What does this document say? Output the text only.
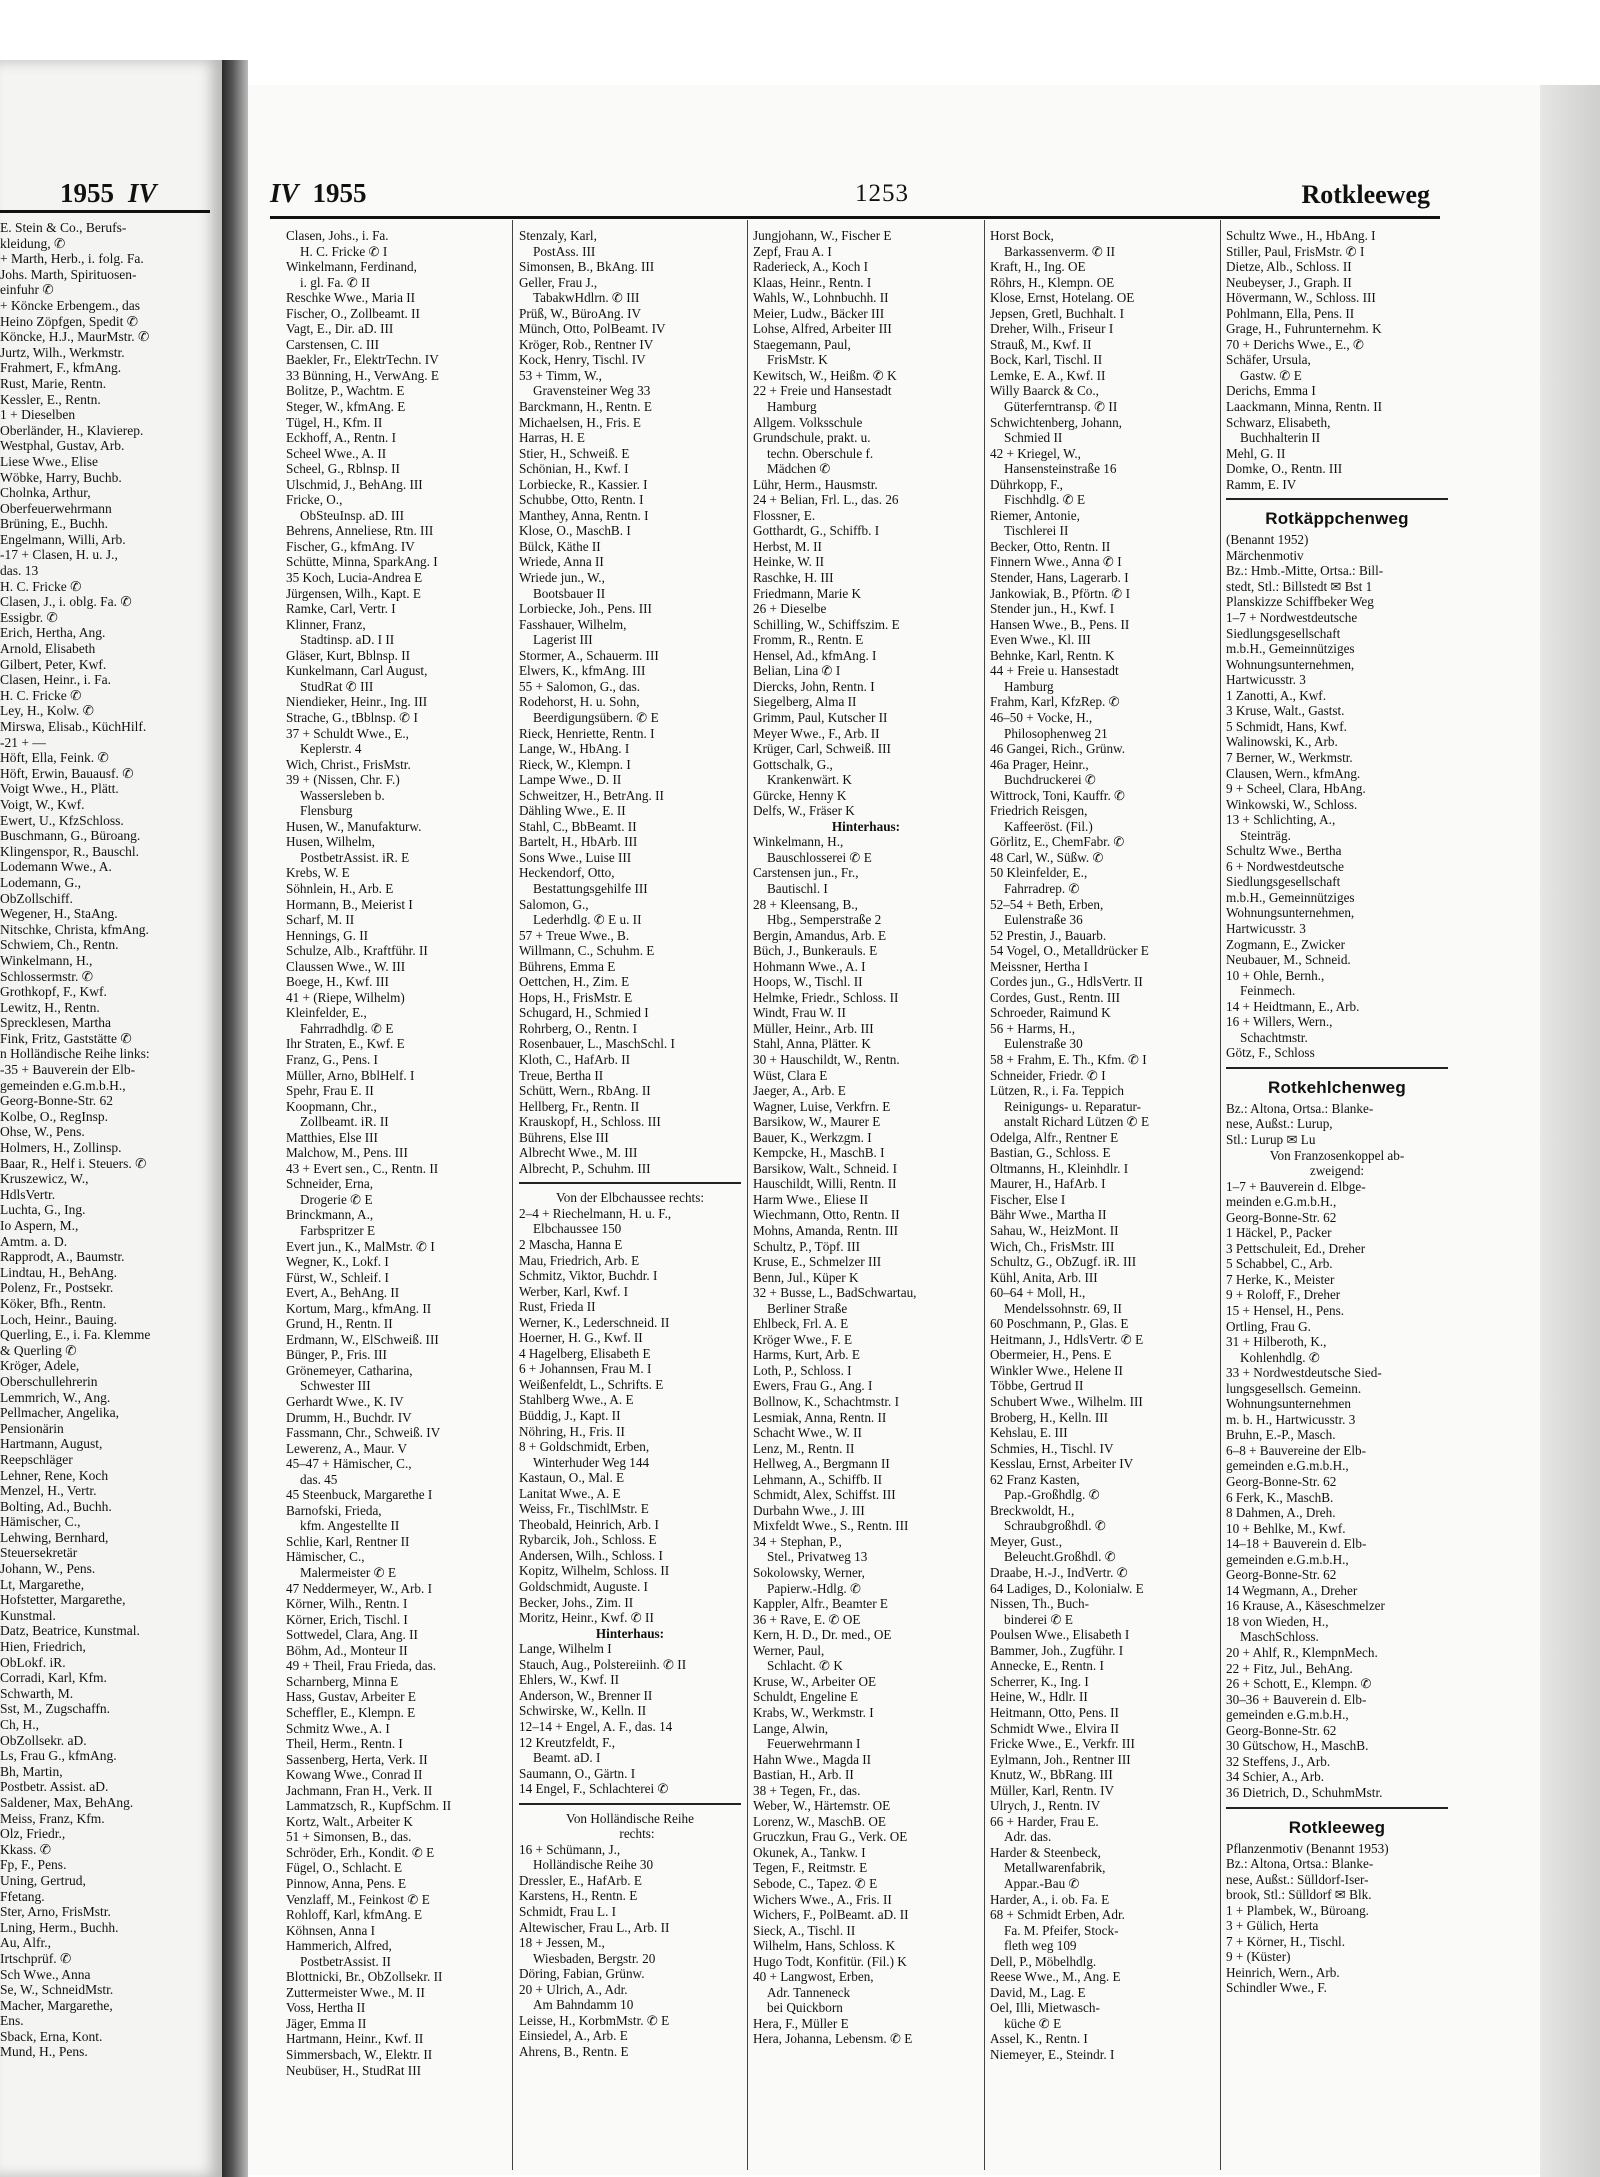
1955 IV
E. Stein & Co., Berufs-
kleidung, ✆
+ Marth, Herb., i. folg. Fa.
Johs. Marth, Spirituosen-
einfuhr ✆
+ Köncke Erbengem., das
Heino Zöpfgen, Spedit ✆
Köncke, H.J., MaurMstr. ✆
Jurtz, Wilh., Werkmstr.
Frahmert, F., kfmAng.
Rust, Marie, Rentn.
Kessler, E., Rentn.
1 + Dieselben
Oberländer, H., Klavierep.
Westphal, Gustav, Arb.
Liese Wwe., Elise
Wöbke, Harry, Buchb.
Cholnka, Arthur,
Oberfeuerwehrmann
Brüning, E., Buchh.
Engelmann, Willi, Arb.
-17 + Clasen, H. u. J.,
das. 13
H. C. Fricke ✆
Clasen, J., i. oblg. Fa. ✆
Essigbr. ✆
Erich, Hertha, Ang.
Arnold, Elisabeth
Gilbert, Peter, Kwf.
Clasen, Heinr., i. Fa.
H. C. Fricke ✆
Ley, H., Kolw. ✆
Mirswa, Elisab., KüchHilf.
-21 + —
Höft, Ella, Feink. ✆
Höft, Erwin, Bauausf. ✆
Voigt Wwe., H., Plätt.
Voigt, W., Kwf.
Ewert, U., KfzSchloss.
Buschmann, G., Büroang.
Klingenspor, R., Bauschl.
Lodemann Wwe., A.
Lodemann, G.,
ObZollschiff.
Wegener, H., StaAng.
Nitschke, Christa, kfmAng.
Schwiem, Ch., Rentn.
Winkelmann, H.,
Schlossermstr. ✆
Grothkopf, F., Kwf.
Lewitz, H., Rentn.
Sprecklesen, Martha
Fink, Fritz, Gaststätte ✆
n Holländische Reihe links:
-35 + Bauverein der Elb-
gemeinden e.G.m.b.H.,
Georg-Bonne-Str. 62
Kolbe, O., RegInsp.
Ohse, W., Pens.
Holmers, H., Zollinsp.
Baar, R., Helf i. Steuers. ✆
Kruszewicz, W.,
HdlsVertr.
Luchta, G., Ing.
Io Aspern, M.,
Amtm. a. D.
Rapprodt, A., Baumstr.
Lindtau, H., BehAng.
Polenz, Fr., Postsekr.
Köker, Bfh., Rentn.
Loch, Heinr., Bauing.
Querling, E., i. Fa. Klemme
& Querling ✆
Kröger, Adele,
Oberschullehrerin
Lemmrich, W., Ang.
Pellmacher, Angelika,
Pensionärin
Hartmann, August,
Reepschläger
Lehner, Rene, Koch
Menzel, H., Vertr.
Bolting, Ad., Buchh.
Hämischer, C.,
Lehwing, Bernhard,
Steuersekretär
Johann, W., Pens.
Lt, Margarethe,
Hofstetter, Margarethe,
Kunstmal.
Datz, Beatrice, Kunstmal.
Hien, Friedrich,
ObLokf. iR.
Corradi, Karl, Kfm.
Schwarth, M.
Sst, M., Zugschaffn.
Ch, H.,
ObZollsekr. aD.
Ls, Frau G., kfmAng.
Bh, Martin,
Postbetr. Assist. aD.
Saldener, Max, BehAng.
Meiss, Franz, Kfm.
Olz, Friedr.,
Kkass. ✆
Fp, F., Pens.
Uning, Gertrud,
Ffetang.
Ster, Arno, FrisMstr.
Lning, Herm., Buchh.
Au, Alfr.,
Irtschprüf. ✆
Sch Wwe., Anna
Se, W., SchneidMstr.
Macher, Margarethe,
Ens.
Sback, Erna, Kont.
Mund, H., Pens.
IV 1955	1253	Rotkleeweg
Clasen, Johs., i. Fa.
H. C. Fricke ✆ I
Winkelmann, Ferdinand,
i. gl. Fa. ✆ II
Reschke Wwe., Maria II
Fischer, O., Zollbeamt. II
Vagt, E., Dir. aD. III
Carstensen, C. III
Baekler, Fr., ElektrTechn. IV
33 Bünning, H., VerwAng. E
Bolitze, P., Wachtm. E
Steger, W., kfmAng. E
Tügel, H., Kfm. II
Eckhoff, A., Rentn. I
Scheel Wwe., A. II
Scheel, G., Rblnsp. II
Ulschmid, J., BehAng. III
Fricke, O.,
ObSteuInsp. aD. III
Behrens, Anneliese, Rtn. III
Fischer, G., kfmAng. IV
Schütte, Minna, SparkAng. I
35 Koch, Lucia-Andrea E
Jürgensen, Wilh., Kapt. E
Ramke, Carl, Vertr. I
Klinner, Franz,
Stadtinsp. aD. I II
Gläser, Kurt, Bblnsp. II
Kunkelmann, Carl August,
StudRat ✆ III
Niendieker, Heinr., Ing. III
Strache, G., tBblnsp. ✆ I
37 + Schuldt Wwe., E.,
Keplerstr. 4
Wich, Christ., FrisMstr.
39 + (Nissen, Chr. F.)
Wassersleben b.
Flensburg
Husen, W., Manufakturw.
Husen, Wilhelm,
PostbetrAssist. iR. E
Krebs, W. E
Söhnlein, H., Arb. E
Hormann, B., Meierist I
Scharf, M. II
Hennings, G. II
Schulze, Alb., Kraftführ. II
Claussen Wwe., W. III
Boege, H., Kwf. III
41 + (Riepe, Wilhelm)
Kleinfelder, E.,
Fahrradhdlg. ✆ E
Ihr Straten, E., Kwf. E
Franz, G., Pens. I
Müller, Arno, BblHelf. I
Spehr, Frau E. II
Koopmann, Chr.,
Zollbeamt. iR. II
Matthies, Else III
Malchow, M., Pens. III
43 + Evert sen., C., Rentn. II
Schneider, Erna,
Drogerie ✆ E
Brinckmann, A.,
Farbspritzer E
Evert jun., K., MalMstr. ✆ I
Wegner, K., Lokf. I
Fürst, W., Schleif. I
Evert, A., BehAng. II
Kortum, Marg., kfmAng. II
Grund, H., Rentn. II
Erdmann, W., ElSchweiß. III
Bünger, P., Fris. III
Grönemeyer, Catharina,
Schwester III
Gerhardt Wwe., K. IV
Drumm, H., Buchdr. IV
Fassmann, Chr., Schweiß. IV
Lewerenz, A., Maur. V
45–47 + Hämischer, C.,
das. 45
45 Steenbuck, Margarethe I
Barnofski, Frieda,
kfm. Angestellte II
Schlie, Karl, Rentner II
Hämischer, C.,
Malermeister ✆ E
47 Neddermeyer, W., Arb. I
Körner, Wilh., Rentn. I
Körner, Erich, Tischl. I
Sottwedel, Clara, Ang. II
Böhm, Ad., Monteur II
49 + Theil, Frau Frieda, das.
Scharnberg, Minna E
Hass, Gustav, Arbeiter E
Scheffler, E., Klempn. E
Schmitz Wwe., A. I
Theil, Herm., Rentn. I
Sassenberg, Herta, Verk. II
Kowang Wwe., Conrad II
Jachmann, Fran H., Verk. II
Lammatzsch, R., KupfSchm. II
Kortz, Walt., Arbeiter K
51 + Simonsen, B., das.
Schröder, Erh., Kondit. ✆ E
Fügel, O., Schlacht. E
Pinnow, Anna, Pens. E
Venzlaff, M., Feinkost ✆ E
Rohloff, Karl, kfmAng. E
Köhnsen, Anna I
Hammerich, Alfred,
PostbetrAssist. II
Blottnicki, Br., ObZollsekr. II
Zuttermeister Wwe., M. II
Voss, Hertha II
Jäger, Emma II
Hartmann, Heinr., Kwf. II
Simmersbach, W., Elektr. II
Neubüser, H., StudRat III
Stenzaly, Karl,
PostAss. III
Simonsen, B., BkAng. III
Geller, Frau J.,
TabakwHdlrn. ✆ III
Prüß, W., BüroAng. IV
Münch, Otto, PolBeamt. IV
Kröger, Rob., Rentner IV
Kock, Henry, Tischl. IV
53 + Timm, W.,
Gravensteiner Weg 33
Barckmann, H., Rentn. E
Michaelsen, H., Fris. E
Harras, H. E
Stier, H., Schweiß. E
Schönian, H., Kwf. I
Lorbiecke, R., Kassier. I
Schubbe, Otto, Rentn. I
Manthey, Anna, Rentn. I
Klose, O., MaschB. I
Bülck, Käthe II
Wriede, Anna II
Wriede jun., W.,
Bootsbauer II
Lorbiecke, Joh., Pens. III
Fasshauer, Wilhelm,
Lagerist III
Stormer, A., Schauerm. III
Elwers, K., kfmAng. III
55 + Salomon, G., das.
Rodehorst, H. u. Sohn,
Beerdigungsübern. ✆ E
Rieck, Henriette, Rentn. I
Lange, W., HbAng. I
Rieck, W., Klempn. I
Lampe Wwe., D. II
Schweitzer, H., BetrAng. II
Dähling Wwe., E. II
Stahl, C., BbBeamt. II
Bartelt, H., HbArb. III
Sons Wwe., Luise III
Heckendorf, Otto,
Bestattungsgehilfe III
Salomon, G.,
Lederhdlg. ✆ E u. II
57 + Treue Wwe., B.
Willmann, C., Schuhm. E
Bührens, Emma E
Oettchen, H., Zim. E
Hops, H., FrisMstr. E
Schugard, H., Schmied I
Rohrberg, O., Rentn. I
Rosenbauer, L., MaschSchl. I
Kloth, C., HafArb. II
Treue, Bertha II
Schütt, Wern., RbAng. II
Hellberg, Fr., Rentn. II
Krauskopf, H., Schloss. III
Bührens, Else III
Albrecht Wwe., M. III
Albrecht, P., Schuhm. III
Von der Elbchaussee rechts:
2–4 + Riechelmann, H. u. F.,
Elbchaussee 150
2 Mascha, Hanna E
Mau, Friedrich, Arb. E
Schmitz, Viktor, Buchdr. I
Werber, Karl, Kwf. I
Rust, Frieda II
Werner, K., Lederschneid. II
Hoerner, H. G., Kwf. II
4 Hagelberg, Elisabeth E
6 + Johannsen, Frau M. I
Weißenfeldt, L., Schrifts. E
Stahlberg Wwe., A. E
Büddig, J., Kapt. II
Nöhring, H., Fris. II
8 + Goldschmidt, Erben,
Winterhuder Weg 144
Kastaun, O., Mal. E
Lanitat Wwe., A. E
Weiss, Fr., TischlMstr. E
Theobald, Heinrich, Arb. I
Rybarcik, Joh., Schloss. E
Andersen, Wilh., Schloss. I
Kopitz, Wilhelm, Schloss. II
Goldschmidt, Auguste. I
Becker, Johs., Zim. II
Moritz, Heinr., Kwf. ✆ II
Hinterhaus:
Lange, Wilhelm I
Stauch, Aug., Polstereiinh. ✆ II
Ehlers, W., Kwf. II
Anderson, W., Brenner II
Schwirske, W., Kelln. II
12–14 + Engel, A. F., das. 14
12 Kreutzfeldt, F.,
Beamt. aD. I
Saumann, O., Gärtn. I
14 Engel, F., Schlachterei ✆
Von Holländische Reihe
rechts:
16 + Schümann, J.,
Holländische Reihe 30
Dressler, E., HafArb. E
Karstens, H., Rentn. E
Schmidt, Frau L. I
Altewischer, Frau L., Arb. II
18 + Jessen, M.,
Wiesbaden, Bergstr. 20
Döring, Fabian, Grünw.
20 + Ulrich, A., Adr.
Am Bahndamm 10
Leisse, H., KorbmMstr. ✆ E
Einsiedel, A., Arb. E
Ahrens, B., Rentn. E
Jungjohann, W., Fischer E
Zepf, Frau A. I
Raderieck, A., Koch I
Klaas, Heinr., Rentn. I
Wahls, W., Lohnbuchh. II
Meier, Ludw., Bäcker III
Lohse, Alfred, Arbeiter III
Staegemann, Paul,
FrisMstr. K
Kewitsch, W., Heißm. ✆ K
22 + Freie und Hansestadt
Hamburg
Allgem. Volksschule
Grundschule, prakt. u.
techn. Oberschule f.
Mädchen ✆
Lühr, Herm., Hausmstr.
24 + Belian, Frl. L., das. 26
Flossner, E.
Gotthardt, G., Schiffb. I
Herbst, M. II
Heinke, W. II
Raschke, H. III
Friedmann, Marie K
26 + Dieselbe
Schilling, W., Schiffszim. E
Fromm, R., Rentn. E
Hensel, Ad., kfmAng. I
Belian, Lina ✆ I
Diercks, John, Rentn. I
Siegelberg, Alma II
Grimm, Paul, Kutscher II
Meyer Wwe., F., Arb. II
Krüger, Carl, Schweiß. III
Gottschalk, G.,
Krankenwärt. K
Gürcke, Henny K
Delfs, W., Fräser K
Hinterhaus:
Winkelmann, H.,
Bauschlosserei ✆ E
Carstensen jun., Fr.,
Bautischl. I
28 + Kleensang, B.,
Hbg., Semperstraße 2
Bergin, Amandus, Arb. E
Büch, J., Bunkerauls. E
Hohmann Wwe., A. I
Hoops, W., Tischl. II
Helmke, Friedr., Schloss. II
Windt, Frau W. II
Müller, Heinr., Arb. III
Stahl, Anna, Plätter. K
30 + Hauschildt, W., Rentn.
Wüst, Clara E
Jaeger, A., Arb. E
Wagner, Luise, Verkfrn. E
Barsikow, W., Maurer E
Bauer, K., Werkzgm. I
Kempcke, H., MaschB. I
Barsikow, Walt., Schneid. I
Hauschildt, Willi, Rentn. II
Harm Wwe., Eliese II
Wiechmann, Otto, Rentn. II
Mohns, Amanda, Rentn. III
Schultz, P., Töpf. III
Kruse, E., Schmelzer III
Benn, Jul., Küper K
32 + Busse, L., BadSchwartau,
Berliner Straße
Ehlbeck, Frl. A. E
Kröger Wwe., F. E
Harms, Kurt, Arb. E
Loth, P., Schloss. I
Ewers, Frau G., Ang. I
Bollnow, K., Schachtmstr. I
Lesmiak, Anna, Rentn. II
Schacht Wwe., W. II
Lenz, M., Rentn. II
Hellweg, A., Bergmann II
Lehmann, A., Schiffb. II
Schmidt, Alex, Schiffst. III
Durbahn Wwe., J. III
Mixfeldt Wwe., S., Rentn. III
34 + Stephan, P.,
Stel., Privatweg 13
Sokolowsky, Werner,
Papierw.-Hdlg. ✆
Kappler, Alfr., Beamter E
36 + Rave, E. ✆ OE
Kern, H. D., Dr. med., OE
Werner, Paul,
Schlacht. ✆ K
Kruse, W., Arbeiter OE
Schuldt, Engeline E
Krabs, W., Werkmstr. I
Lange, Alwin,
Feuerwehrmann I
Hahn Wwe., Magda II
Bastian, H., Arb. II
38 + Tegen, Fr., das.
Weber, W., Härtemstr. OE
Lorenz, W., MaschB. OE
Gruczkun, Frau G., Verk. OE
Okunek, A., Tankw. I
Tegen, F., Reitmstr. E
Sebode, C., Tapez. ✆ E
Wichers Wwe., A., Fris. II
Wichers, F., PolBeamt. aD. II
Sieck, A., Tischl. II
Wilhelm, Hans, Schloss. K
Hugo Todt, Konfitür. (Fil.) K
40 + Langwost, Erben,
Adr. Tanneneck
bei Quickborn
Hera, F., Müller E
Hera, Johanna, Lebensm. ✆ E
Horst Bock,
Barkassenverm. ✆ II
Kraft, H., Ing. OE
Röhrs, H., Klempn. OE
Klose, Ernst, Hotelang. OE
Jepsen, Gretl, Buchhalt. I
Dreher, Wilh., Friseur I
Strauß, M., Kwf. II
Bock, Karl, Tischl. II
Lemke, E. A., Kwf. II
Willy Baarck & Co.,
Güterferntransp. ✆ II
Schwichtenberg, Johann,
Schmied II
42 + Kriegel, W.,
Hansensteinstraße 16
Dührkopp, F.,
Fischhdlg. ✆ E
Riemer, Antonie,
Tischlerei II
Becker, Otto, Rentn. II
Finnern Wwe., Anna ✆ I
Stender, Hans, Lagerarb. I
Jankowiak, B., Pförtn. ✆ I
Stender jun., H., Kwf. I
Hansen Wwe., B., Pens. II
Even Wwe., Kl. III
Behnke, Karl, Rentn. K
44 + Freie u. Hansestadt
Hamburg
Frahm, Karl, KfzRep. ✆
46–50 + Vocke, H.,
Philosophenweg 21
46 Gangei, Rich., Grünw.
46a Prager, Heinr.,
Buchdruckerei ✆
Wittrock, Toni, Kauffr. ✆
Friedrich Reisgen,
Kaffeeröst. (Fil.)
Görlitz, E., ChemFabr. ✆
48 Carl, W., Süßw. ✆
50 Kleinfelder, E.,
Fahrradrep. ✆
52–54 + Beth, Erben,
Eulenstraße 36
52 Prestin, J., Bauarb.
54 Vogel, O., Metalldrücker E
Meissner, Hertha I
Cordes jun., G., HdlsVertr. II
Cordes, Gust., Rentn. III
Schroeder, Raimund K
56 + Harms, H.,
Eulenstraße 30
58 + Frahm, E. Th., Kfm. ✆ I
Schneider, Friedr. ✆ I
Lützen, R., i. Fa. Teppich
Reinigungs- u. Reparatur-
anstalt Richard Lützen ✆ E
Odelga, Alfr., Rentner E
Bastian, G., Schloss. E
Oltmanns, H., Kleinhdlr. I
Maurer, H., HafArb. I
Fischer, Else I
Bähr Wwe., Martha II
Sahau, W., HeizMont. II
Wich, Ch., FrisMstr. III
Schultz, G., ObZugf. iR. III
Kühl, Anita, Arb. III
60–64 + Moll, H.,
Mendelssohnstr. 69, II
60 Poschmann, P., Glas. E
Heitmann, J., HdlsVertr. ✆ E
Obermeier, H., Pens. E
Winkler Wwe., Helene II
Többe, Gertrud II
Schubert Wwe., Wilhelm. III
Broberg, H., Kelln. III
Kehslau, E. III
Schmies, H., Tischl. IV
Kesslau, Ernst, Arbeiter IV
62 Franz Kasten,
Pap.-Großhdlg. ✆
Breckwoldt, H.,
Schraubgroßhdl. ✆
Meyer, Gust.,
Beleucht.Großhdl. ✆
Draabe, H.-J., IndVertr. ✆
64 Ladiges, D., Kolonialw. E
Nissen, Th., Buch-
binderei ✆ E
Poulsen Wwe., Elisabeth I
Bammer, Joh., Zugführ. I
Annecke, E., Rentn. I
Scherrer, K., Ing. I
Heine, W., Hdlr. II
Heitmann, Otto, Pens. II
Schmidt Wwe., Elvira II
Fricke Wwe., E., Verkfr. III
Eylmann, Joh., Rentner III
Knutz, W., BbRang. III
Müller, Karl, Rentn. IV
Ulrych, J., Rentn. IV
66 + Harder, Frau E.
Adr. das.
Harder & Steenbeck,
Metallwarenfabrik,
Appar.-Bau ✆
Harder, A., i. ob. Fa. E
68 + Schmidt Erben, Adr.
Fa. M. Pfeifer, Stock-
fleth weg 109
Dell, P., Möbelhdlg.
Reese Wwe., M., Ang. E
David, M., Lag. E
Oel, Illi, Mietwasch-
küche ✆ E
Assel, K., Rentn. I
Niemeyer, E., Steindr. I
Schultz Wwe., H., HbAng. I
Stiller, Paul, FrisMstr. ✆ I
Dietze, Alb., Schloss. II
Neubeyser, J., Graph. II
Hövermann, W., Schloss. III
Pohlmann, Ella, Pens. II
Grage, H., Fuhrunternehm. K
70 + Derichs Wwe., E., ✆
Schäfer, Ursula,
Gastw. ✆ E
Derichs, Emma I
Laackmann, Minna, Rentn. II
Schwarz, Elisabeth,
Buchhalterin II
Mehl, G. II
Domke, O., Rentn. III
Ramm, E. IV
Rotkäppchenweg
(Benannt 1952)
Märchenmotiv
Bz.: Hmb.-Mitte, Ortsa.: Bill-
stedt, Stl.: Billstedt ✉ Bst 1
Planskizze Schiffbeker Weg
1–7 + Nordwestdeutsche
Siedlungsgesellschaft
m.b.H., Gemeinnütziges
Wohnungsunternehmen,
Hartwicusstr. 3
1 Zanotti, A., Kwf.
3 Kruse, Walt., Gastst.
5 Schmidt, Hans, Kwf.
Walinowski, K., Arb.
7 Berner, W., Werkmstr.
Clausen, Wern., kfmAng.
9 + Scheel, Clara, HbAng.
Winkowski, W., Schloss.
13 + Schlichting, A.,
Steinträg.
Schultz Wwe., Bertha
6 + Nordwestdeutsche
Siedlungsgesellschaft
m.b.H., Gemeinnütziges
Wohnungsunternehmen,
Hartwicusstr. 3
Zogmann, E., Zwicker
Neubauer, M., Schneid.
10 + Ohle, Bernh.,
Feinmech.
14 + Heidtmann, E., Arb.
16 + Willers, Wern.,
Schachtmstr.
Götz, F., Schloss
Rotkehlchenweg
Bz.: Altona, Ortsa.: Blanke-
nese, Außst.: Lurup,
Stl.: Lurup ✉ Lu
Von Franzosenkoppel ab-
zweigend:
1–7 + Bauverein d. Elbge-
meinden e.G.m.b.H.,
Georg-Bonne-Str. 62
1 Häckel, P., Packer
3 Pettschuleit, Ed., Dreher
5 Schabbel, C., Arb.
7 Herke, K., Meister
9 + Roloff, F., Dreher
15 + Hensel, H., Pens.
Ortling, Frau G.
31 + Hilberoth, K.,
Kohlenhdlg. ✆
33 + Nordwestdeutsche Sied-
lungsgesellsch. Gemeinn.
Wohnungsunternehmen
m. b. H., Hartwicusstr. 3
Bruhn, E.-P., Masch.
6–8 + Bauvereine der Elb-
gemeinden e.G.m.b.H.,
Georg-Bonne-Str. 62
6 Ferk, K., MaschB.
8 Dahmen, A., Dreh.
10 + Behlke, M., Kwf.
14–18 + Bauverein d. Elb-
gemeinden e.G.m.b.H.,
Georg-Bonne-Str. 62
14 Wegmann, A., Dreher
16 Krause, A., Käseschmelzer
18 von Wieden, H.,
MaschSchloss.
20 + Ahlf, R., KlempnMech.
22 + Fitz, Jul., BehAng.
26 + Schott, E., Klempn. ✆
30–36 + Bauverein d. Elb-
gemeinden e.G.m.b.H.,
Georg-Bonne-Str. 62
30 Gütschow, H., MaschB.
32 Steffens, J., Arb.
34 Schier, A., Arb.
36 Dietrich, D., SchuhmMstr.
Rotkleeweg
Pflanzenmotiv (Benannt 1953)
Bz.: Altona, Ortsa.: Blanke-
nese, Außst.: Sülldorf-Iser-
brook, Stl.: Sülldorf ✉ Blk.
1 + Plambek, W., Büroang.
3 + Gülich, Herta
7 + Körner, H., Tischl.
9 + (Küster)
Heinrich, Wern., Arb.
Schindler Wwe., F.
